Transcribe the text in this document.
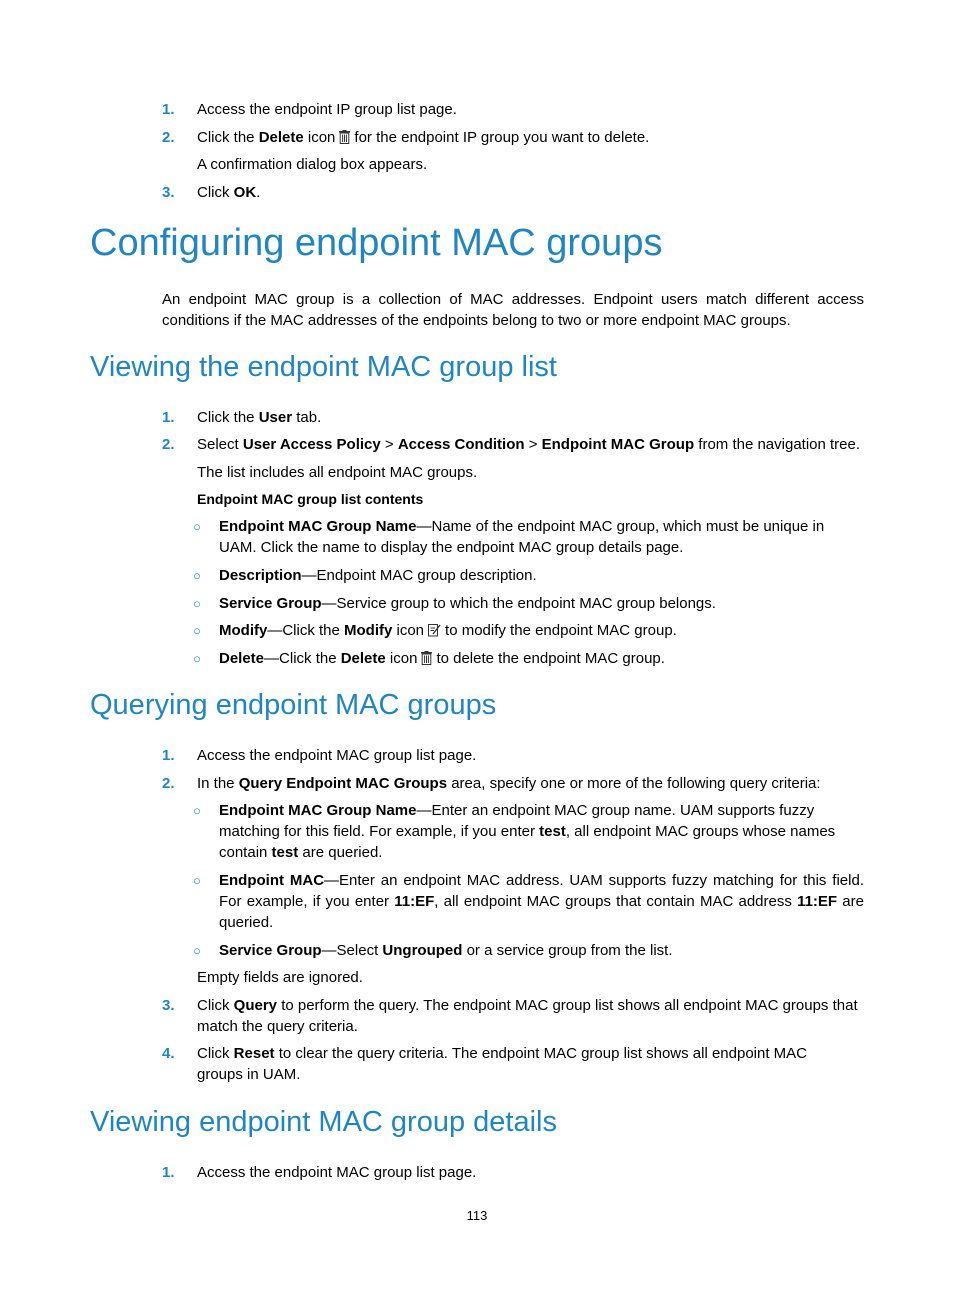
1. Access the endpoint IP group list page.
2. Click the Delete icon for the endpoint IP group you want to delete.
A confirmation dialog box appears.
3. Click OK.
Configuring endpoint MAC groups
An endpoint MAC group is a collection of MAC addresses. Endpoint users match different access conditions if the MAC addresses of the endpoints belong to two or more endpoint MAC groups.
Viewing the endpoint MAC group list
1. Click the User tab.
2. Select User Access Policy > Access Condition > Endpoint MAC Group from the navigation tree.
The list includes all endpoint MAC groups.
Endpoint MAC group list contents
○ Endpoint MAC Group Name—Name of the endpoint MAC group, which must be unique in UAM. Click the name to display the endpoint MAC group details page.
○ Description—Endpoint MAC group description.
○ Service Group—Service group to which the endpoint MAC group belongs.
○ Modify—Click the Modify icon to modify the endpoint MAC group.
○ Delete—Click the Delete icon to delete the endpoint MAC group.
Querying endpoint MAC groups
1. Access the endpoint MAC group list page.
2. In the Query Endpoint MAC Groups area, specify one or more of the following query criteria:
○ Endpoint MAC Group Name—Enter an endpoint MAC group name. UAM supports fuzzy matching for this field. For example, if you enter test, all endpoint MAC groups whose names contain test are queried.
○ Endpoint MAC—Enter an endpoint MAC address. UAM supports fuzzy matching for this field. For example, if you enter 11:EF, all endpoint MAC groups that contain MAC address 11:EF are queried.
○ Service Group—Select Ungrouped or a service group from the list.
Empty fields are ignored.
3. Click Query to perform the query. The endpoint MAC group list shows all endpoint MAC groups that match the query criteria.
4. Click Reset to clear the query criteria. The endpoint MAC group list shows all endpoint MAC groups in UAM.
Viewing endpoint MAC group details
1. Access the endpoint MAC group list page.
113
